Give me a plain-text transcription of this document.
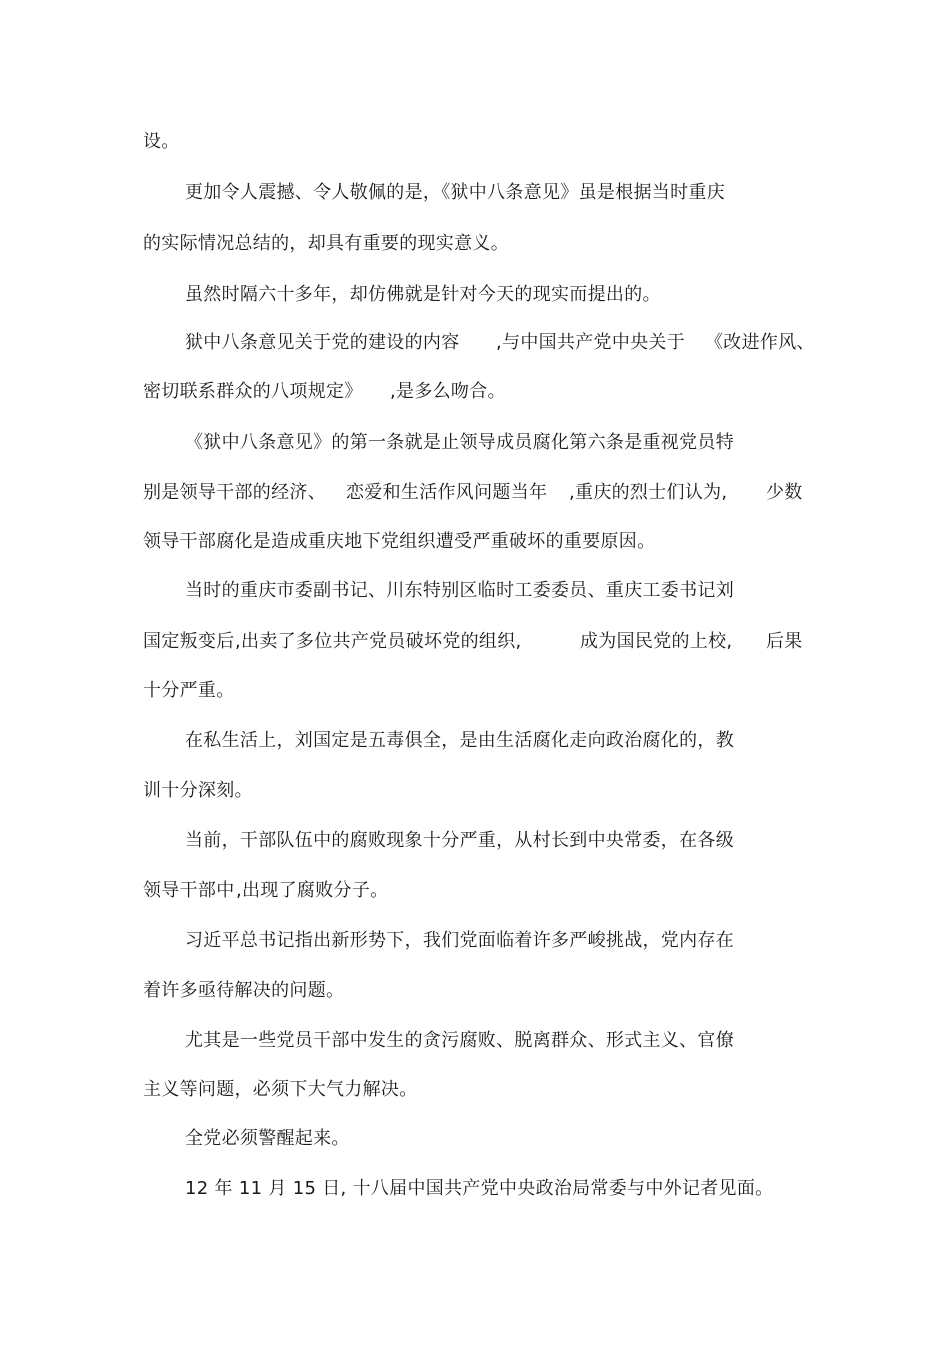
设。
更加令人震撼、令人敬佩的是，《狱中八条意见》虽是根据当时重庆
的实际情况总结的，却具有重要的现实意义。
虽然时隔六十多年，却仿佛就是针对今天的现实而提出的。
狱中八条意见关于党的建设的内容 ,与中国共产党中央关于 《改进作风、
密切联系群众的八项规定》 ,是多么吻合。
《狱中八条意见》的第一条就是止领导成员腐化第六条是重视党员特
别是领导干部的经济、 恋爱和生活作风问题当年 ,重庆的烈士们认为, 少数
领导干部腐化是造成重庆地下党组织遭受严重破坏的重要原因。
当时的重庆市委副书记、川东特别区临时工委委员、重庆工委书记刘
国定叛变后 ,出卖了多位共产党员破坏党的组织,	成为国民党的上校, 后果
十分严重。
在私生活上，刘国定是五毒俱全，是由生活腐化走向政治腐化的，教
训十分深刻。
当前，干部队伍中的腐败现象十分严重，从村长到中央常委，在各级
领导干部中 ,出现了腐败分子。
习近平总书记指出新形势下，我们党面临着许多严峻挑战，党内存在
着许多亟待解决的问题。
尤其是一些党员干部中发生的贪污腐败、脱离群众、形式主义、官僚
主义等问题，必须下大气力解决。
全党必须警醒起来。
12 年 11 月 15 日, 十八届中国共产党中央政治局常委与中外记者见面。
